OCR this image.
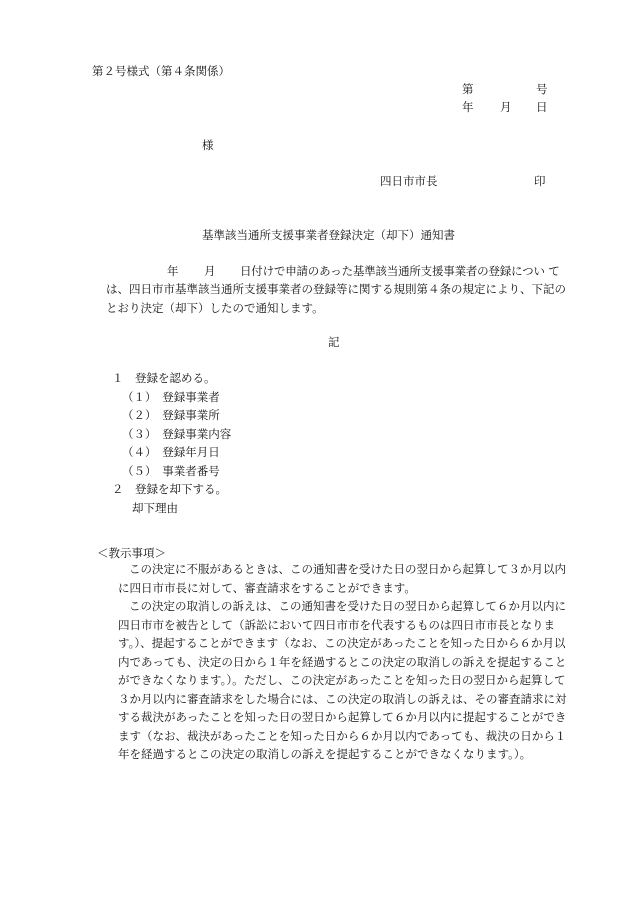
第２号様式（第４条関係）
第	号
年 月 日
様
四日市市長	印
基準該当通所支援事業者登録決定（却下）通知書
年 月 日付けで申請のあった基準該当通所支援事業者の登録につい て
は、四日市市基準該当通所支援事業者の登録等に関する規則第４条の規定により、下記のとおり決定（却下）したので通知します。
記
１　登録を認める。
（１）　登録事業者
（２）　登録事業所
（３）　登録事業内容
（４）　登録年月日
（５）　事業者番号
２　登録を却下する。
却下理由
＜教示事項＞
この決定に不服があるときは、この通知書を受けた日の翌日から起算して３か月以内に四日市市長に対して、審査請求をすることができます。
この決定の取消しの訴えは、この通知書を受けた日の翌日から起算して６か月以内に四日市市を被告として（訴訟において四日市市を代表するものは四日市市長となります。）、提起することができます（なお、この決定があったことを知った日から６か月以内であっても、決定の日から１年を経過するとこの決定の取消しの訴えを提起することができなくなります。）。ただし、この決定があったことを知った日の翌日から起算して３か月以内に審査請求をした場合には、この決定の取消しの訴えは、その審査請求に対する裁決があったことを知った日の翌日から起算して６か月以内に提起することができます（なお、裁決があったことを知った日から６か月以内であっても、裁決の日から１年を経過するとこの決定の取消しの訴えを提起することができなくなります。）。
